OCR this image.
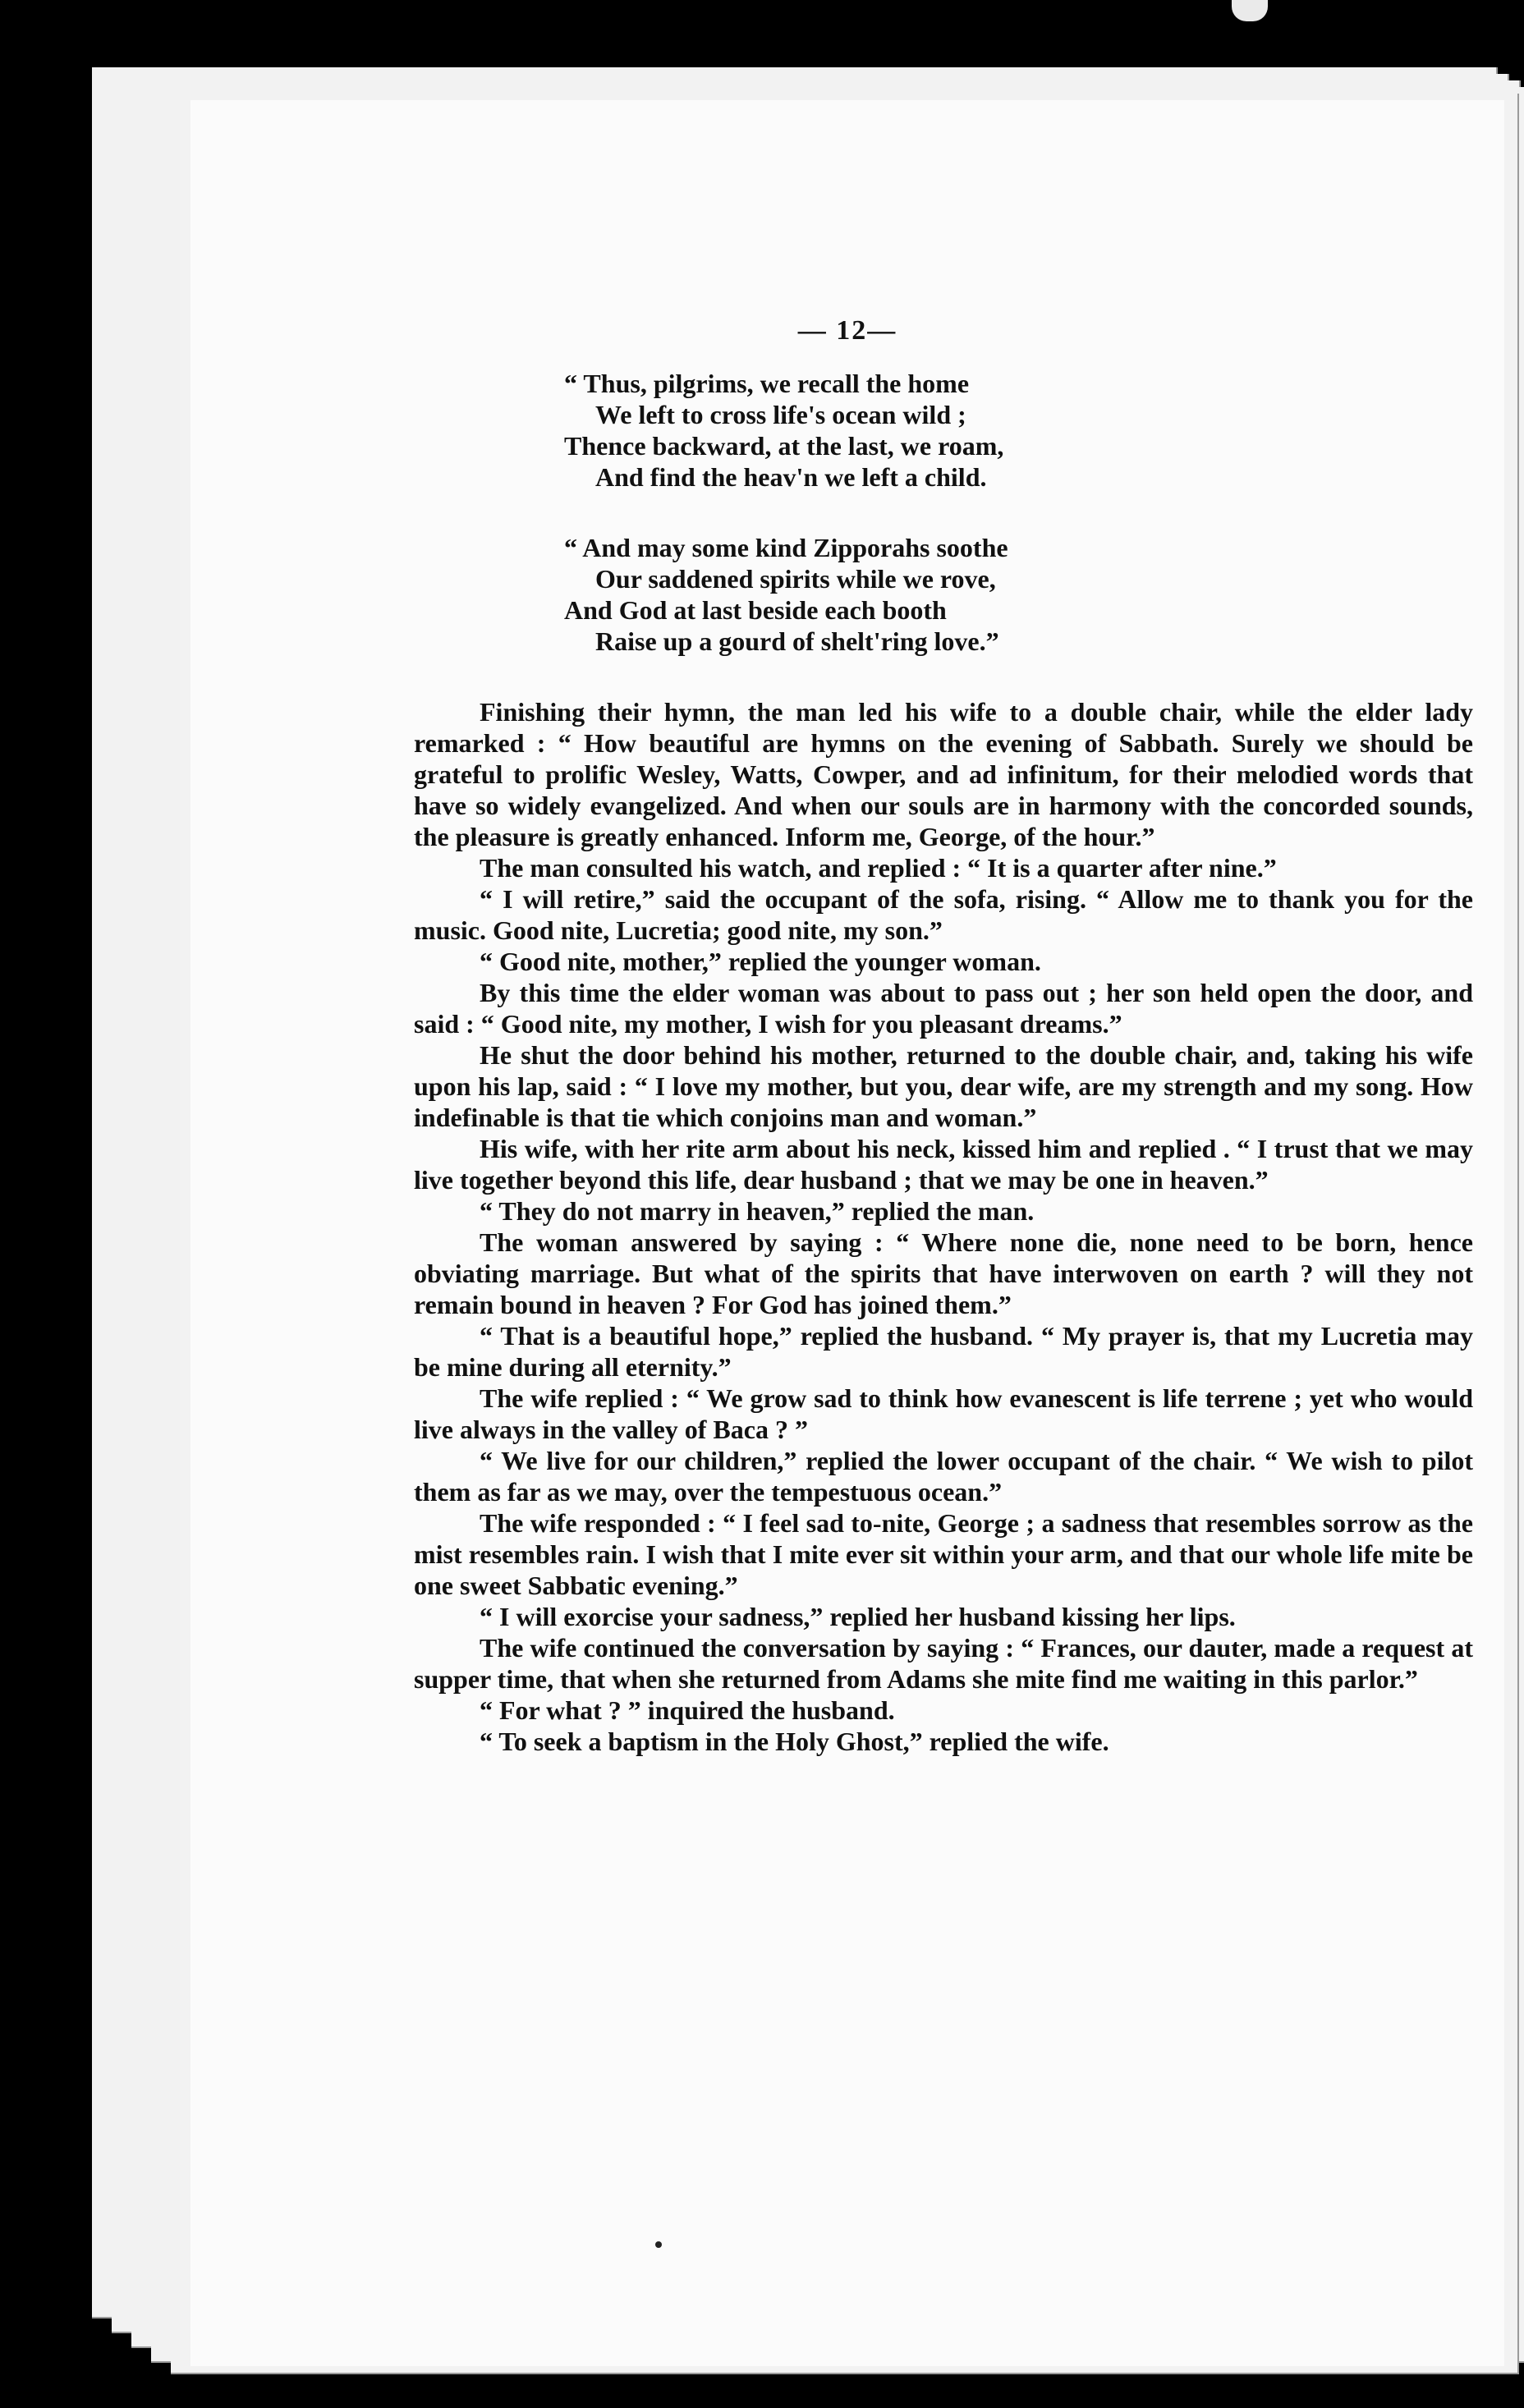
— 12—
“ Thus, pilgrims, we recall the home
We left to cross life's ocean wild ;
Thence backward, at the last, we roam,
And find the heav'n we left a child.
“ And may some kind Zipporahs soothe
Our saddened spirits while we rove,
And God at last beside each booth
Raise up a gourd of shelt'ring love.”

Finishing their hymn, the man led his wife to a double chair, while the elder lady remarked : “ How beautiful are hymns on the evening of Sabbath. Surely we should be grateful to prolific Wesley, Watts, Cowper, and ad infinitum, for their melodied words that have so widely evangelized. And when our souls are in harmony with the concorded sounds, the pleasure is greatly enhanced. Inform me, George, of the hour.”

The man consulted his watch, and replied : “ It is a quarter after nine.”

“ I will retire,” said the occupant of the sofa, rising. “ Allow me to thank you for the music. Good nite, Lucretia; good nite, my son.”

“ Good nite, mother,” replied the younger woman.

By this time the elder woman was about to pass out ; her son held open the door, and said : “ Good nite, my mother, I wish for you pleasant dreams.”

He shut the door behind his mother, returned to the double chair, and, taking his wife upon his lap, said : “ I love my mother, but you, dear wife, are my strength and my song. How indefinable is that tie which conjoins man and woman.”

His wife, with her rite arm about his neck, kissed him and replied . “ I trust that we may live together beyond this life, dear husband ; that we may be one in heaven.”

“ They do not marry in heaven,” replied the man.

The woman answered by saying : “ Where none die, none need to be born, hence obviating marriage. But what of the spirits that have interwoven on earth ? will they not remain bound in heaven ? For God has joined them.”

“ That is a beautiful hope,” replied the husband. “ My prayer is, that my Lucretia may be mine during all eternity.”

The wife replied : “ We grow sad to think how evanescent is life terrene ; yet who would live always in the valley of Baca ? ”

“ We live for our children,” replied the lower occupant of the chair. “ We wish to pilot them as far as we may, over the tempestuous ocean.”

The wife responded : “ I feel sad to-nite, George ; a sadness that resembles sorrow as the mist resembles rain. I wish that I mite ever sit within your arm, and that our whole life mite be one sweet Sabbatic evening.”

“ I will exorcise your sadness,” replied her husband kissing her lips.

The wife continued the conversation by saying : “ Frances, our dauter, made a request at supper time, that when she returned from Adams she mite find me waiting in this parlor.”

“ For what ? ” inquired the husband.

“ To seek a baptism in the Holy Ghost,” replied the wife.
